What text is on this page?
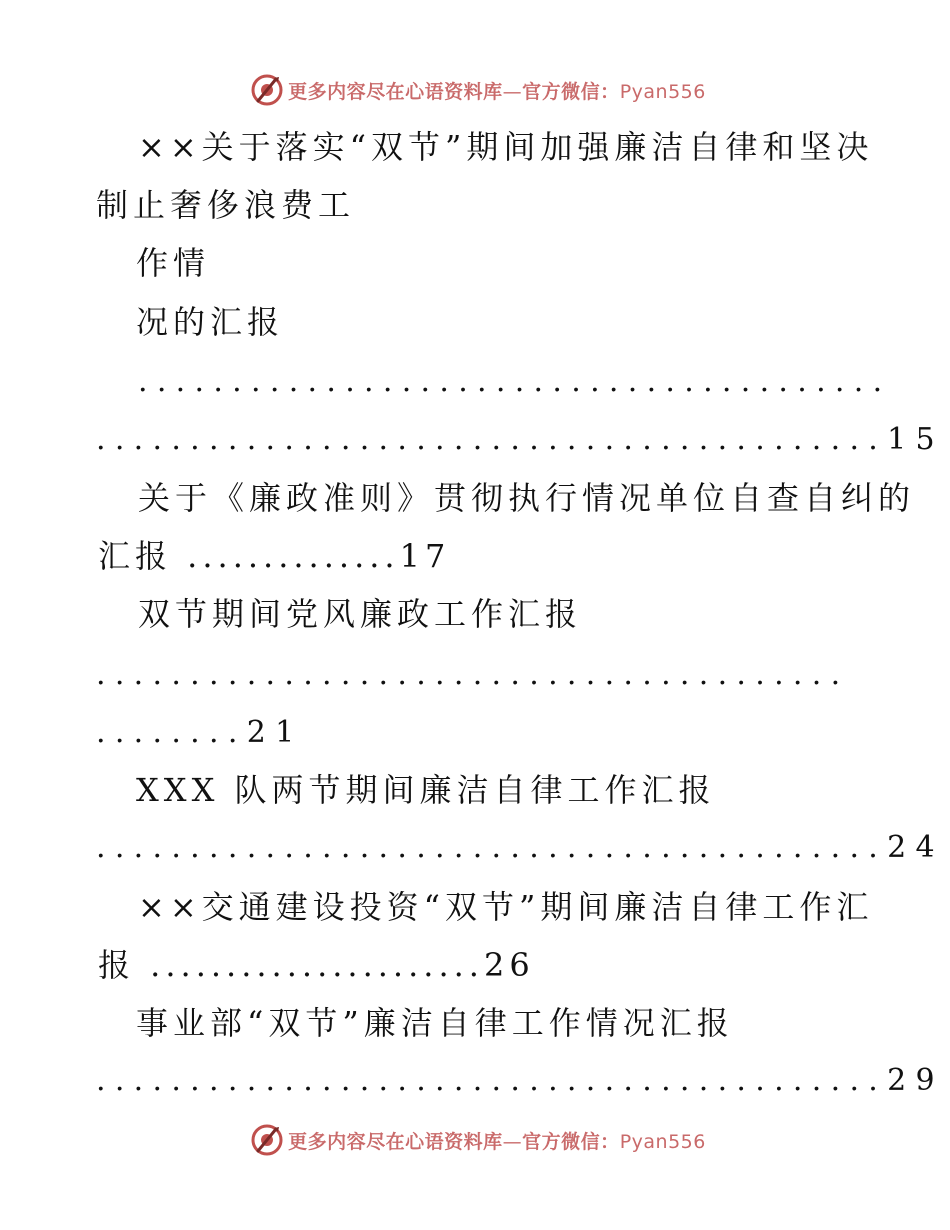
更多内容尽在心语资料库—官方微信：Pyan556
××关于落实“双节”期间加强廉洁自律和坚决
制止奢侈浪费工
作情
况的汇报
........................................
..........................................15
关于《廉政准则》贯彻执行情况单位自查自纠的
汇报 ..............17
双节期间党风廉政工作汇报
........................................
........21
XXX 队两节期间廉洁自律工作汇报
..........................................24
××交通建设投资“双节”期间廉洁自律工作汇
报 ......................26
事业部“双节”廉洁自律工作情况汇报
..........................................29
更多内容尽在心语资料库—官方微信：Pyan556
